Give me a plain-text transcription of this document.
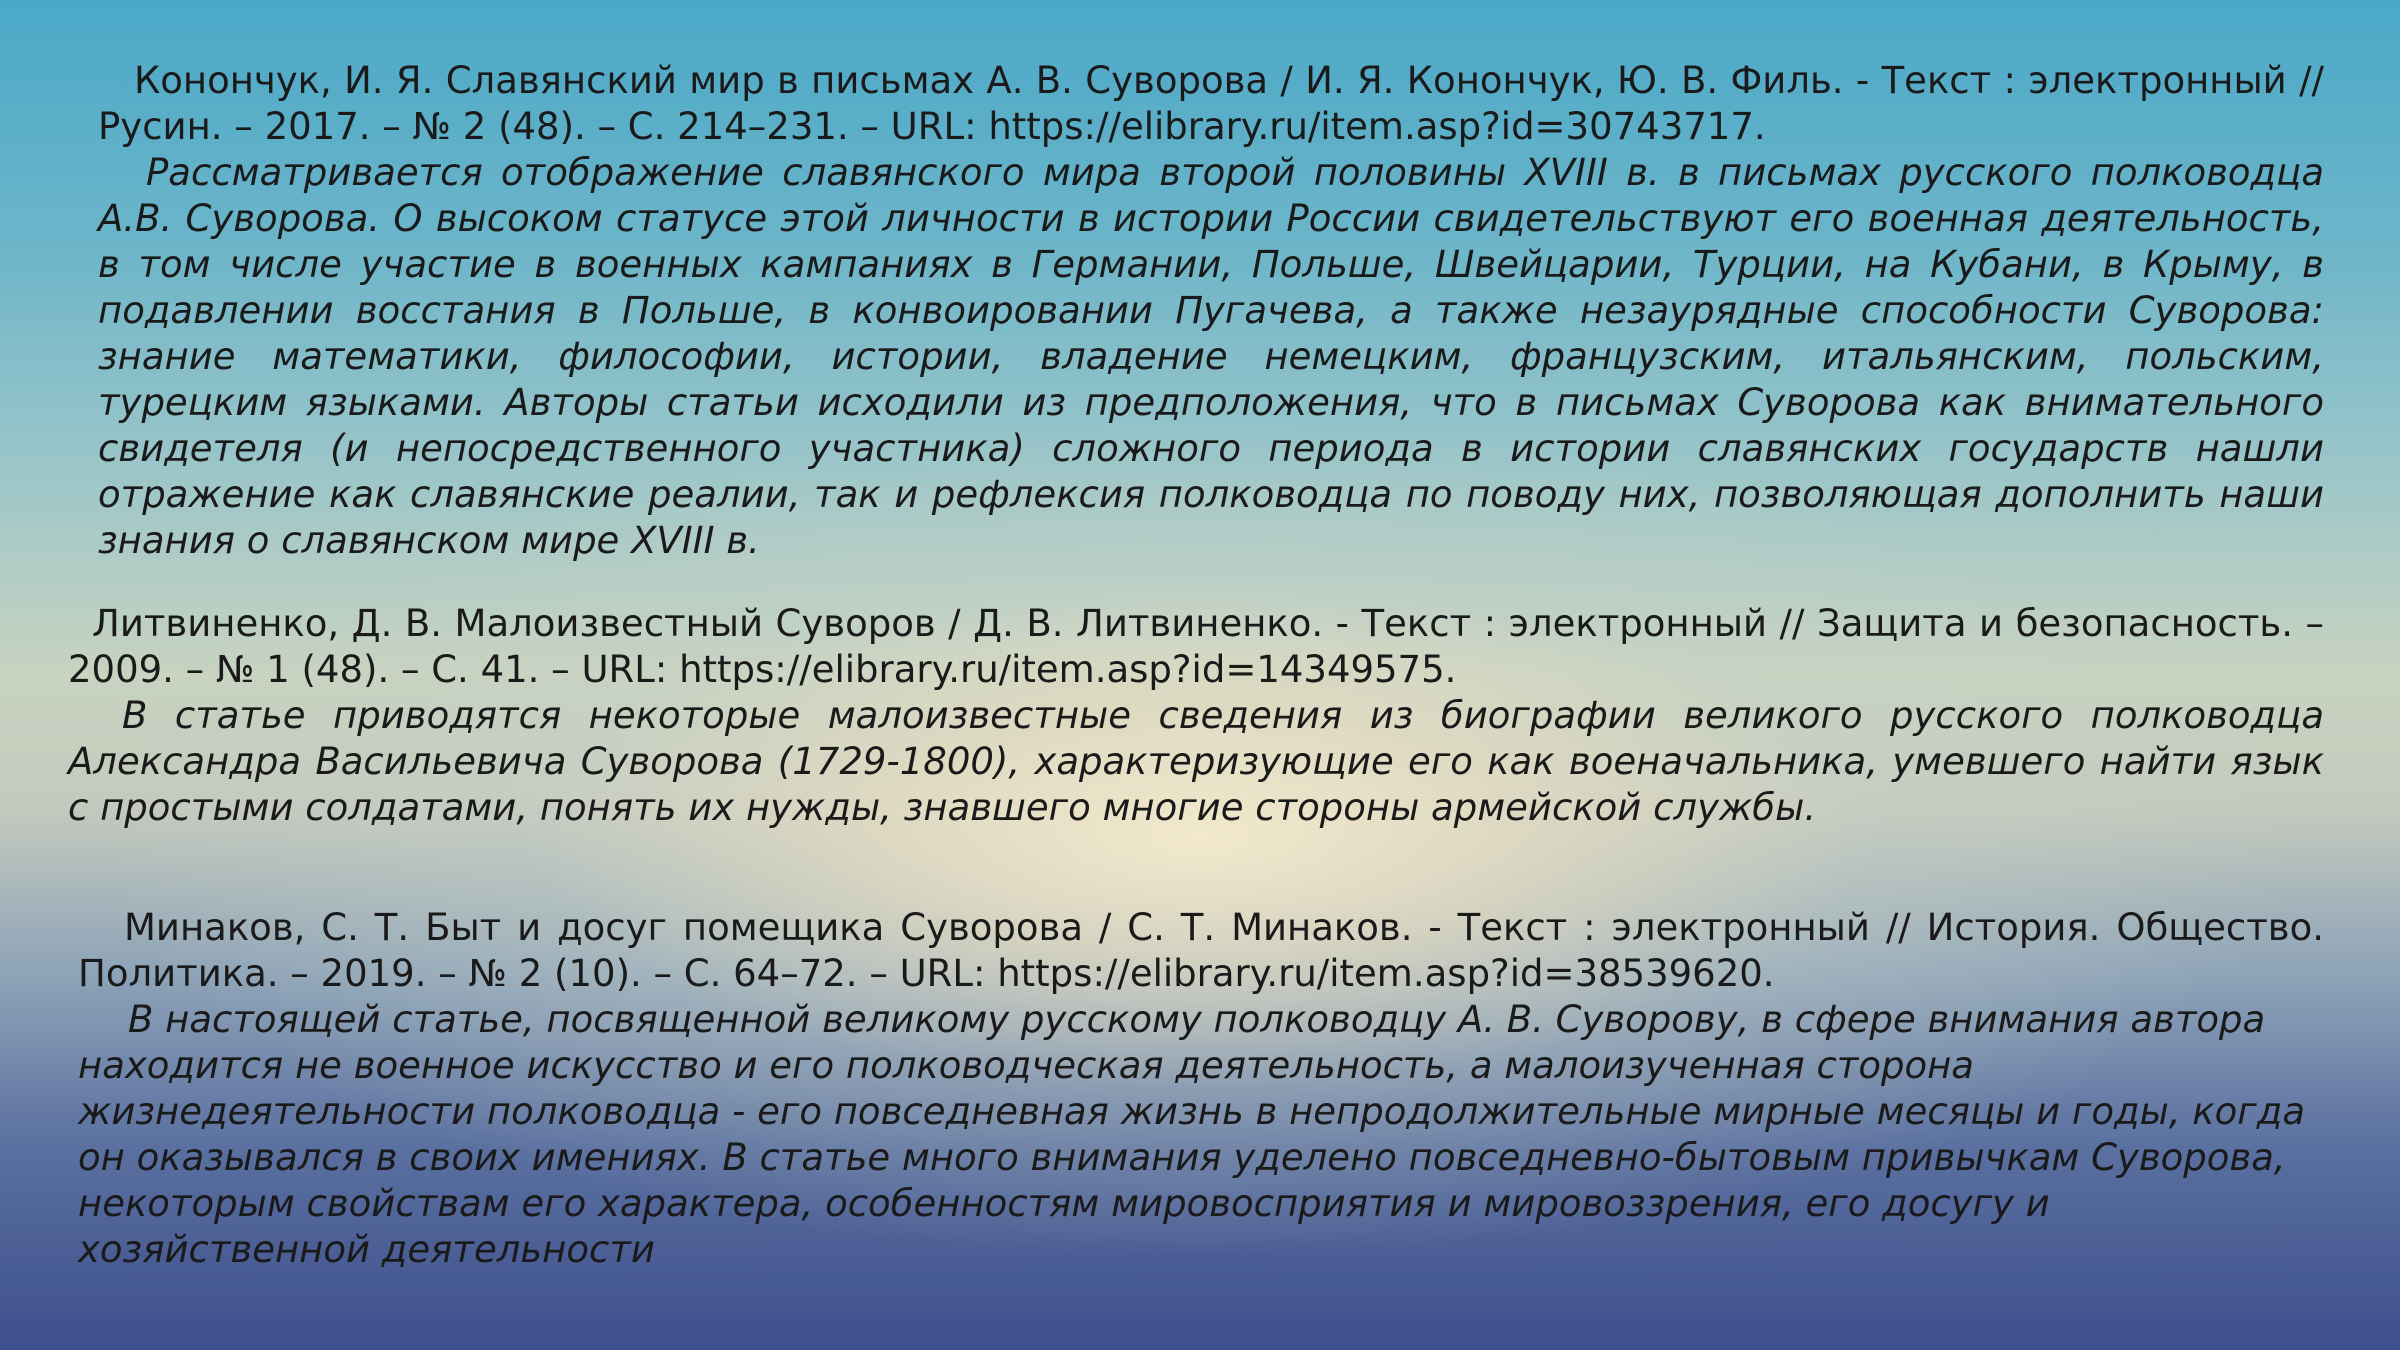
Конончук, И. Я. Славянский мир в письмах А. В. Суворова / И. Я. Конончук, Ю. В. Филь. - Текст : электронный // Русин. – 2017. – № 2 (48). – С. 214–231. – URL: https://elibrary.ru/item.asp?id=30743717.
Рассматривается отображение славянского мира второй половины XVIII в. в письмах русского полководца А.В. Суворова. О высоком статусе этой личности в истории России свидетельствуют его военная деятельность, в том числе участие в военных кампаниях в Германии, Польше, Швейцарии, Турции, на Кубани, в Крыму, в подавлении восстания в Польше, в конвоировании Пугачева, а также незаурядные способности Суворова: знание математики, философии, истории, владение немецким, французским, итальянским, польским, турецким языками. Авторы статьи исходили из предположения, что в письмах Суворова как внимательного свидетеля (и непосредственного участника) сложного периода в истории славянских государств нашли отражение как славянские реалии, так и рефлексия полководца по поводу них, позволяющая дополнить наши знания о славянском мире XVIII в.
Литвиненко, Д. В. Малоизвестный Суворов / Д. В. Литвиненко. - Текст : электронный // Защита и безопасность. – 2009. – № 1 (48). – С. 41. – URL: https://elibrary.ru/item.asp?id=14349575.
В статье приводятся некоторые малоизвестные сведения из биографии великого русского полководца Александра Васильевича Суворова (1729-1800), характеризующие его как военачальника, умевшего найти язык с простыми солдатами, понять их нужды, знавшего многие стороны армейской службы.
Минаков, С. Т. Быт и досуг помещика Суворова / С. Т. Минаков. - Текст : электронный // История. Общество. Политика. – 2019. – № 2 (10). – С. 64–72. – URL: https://elibrary.ru/item.asp?id=38539620.
В настоящей статье, посвященной великому русскому полководцу А. В. Суворову, в сфере внимания автора находится не военное искусство и его полководческая деятельность, а малоизученная сторона жизнедеятельности полководца - его повседневная жизнь в непродолжительные мирные месяцы и годы, когда он оказывался в своих имениях. В статье много внимания уделено повседневно-бытовым привычкам Суворова, некоторым свойствам его характера, особенностям мировосприятия и мировоззрения, его досугу и хозяйственной деятельности
